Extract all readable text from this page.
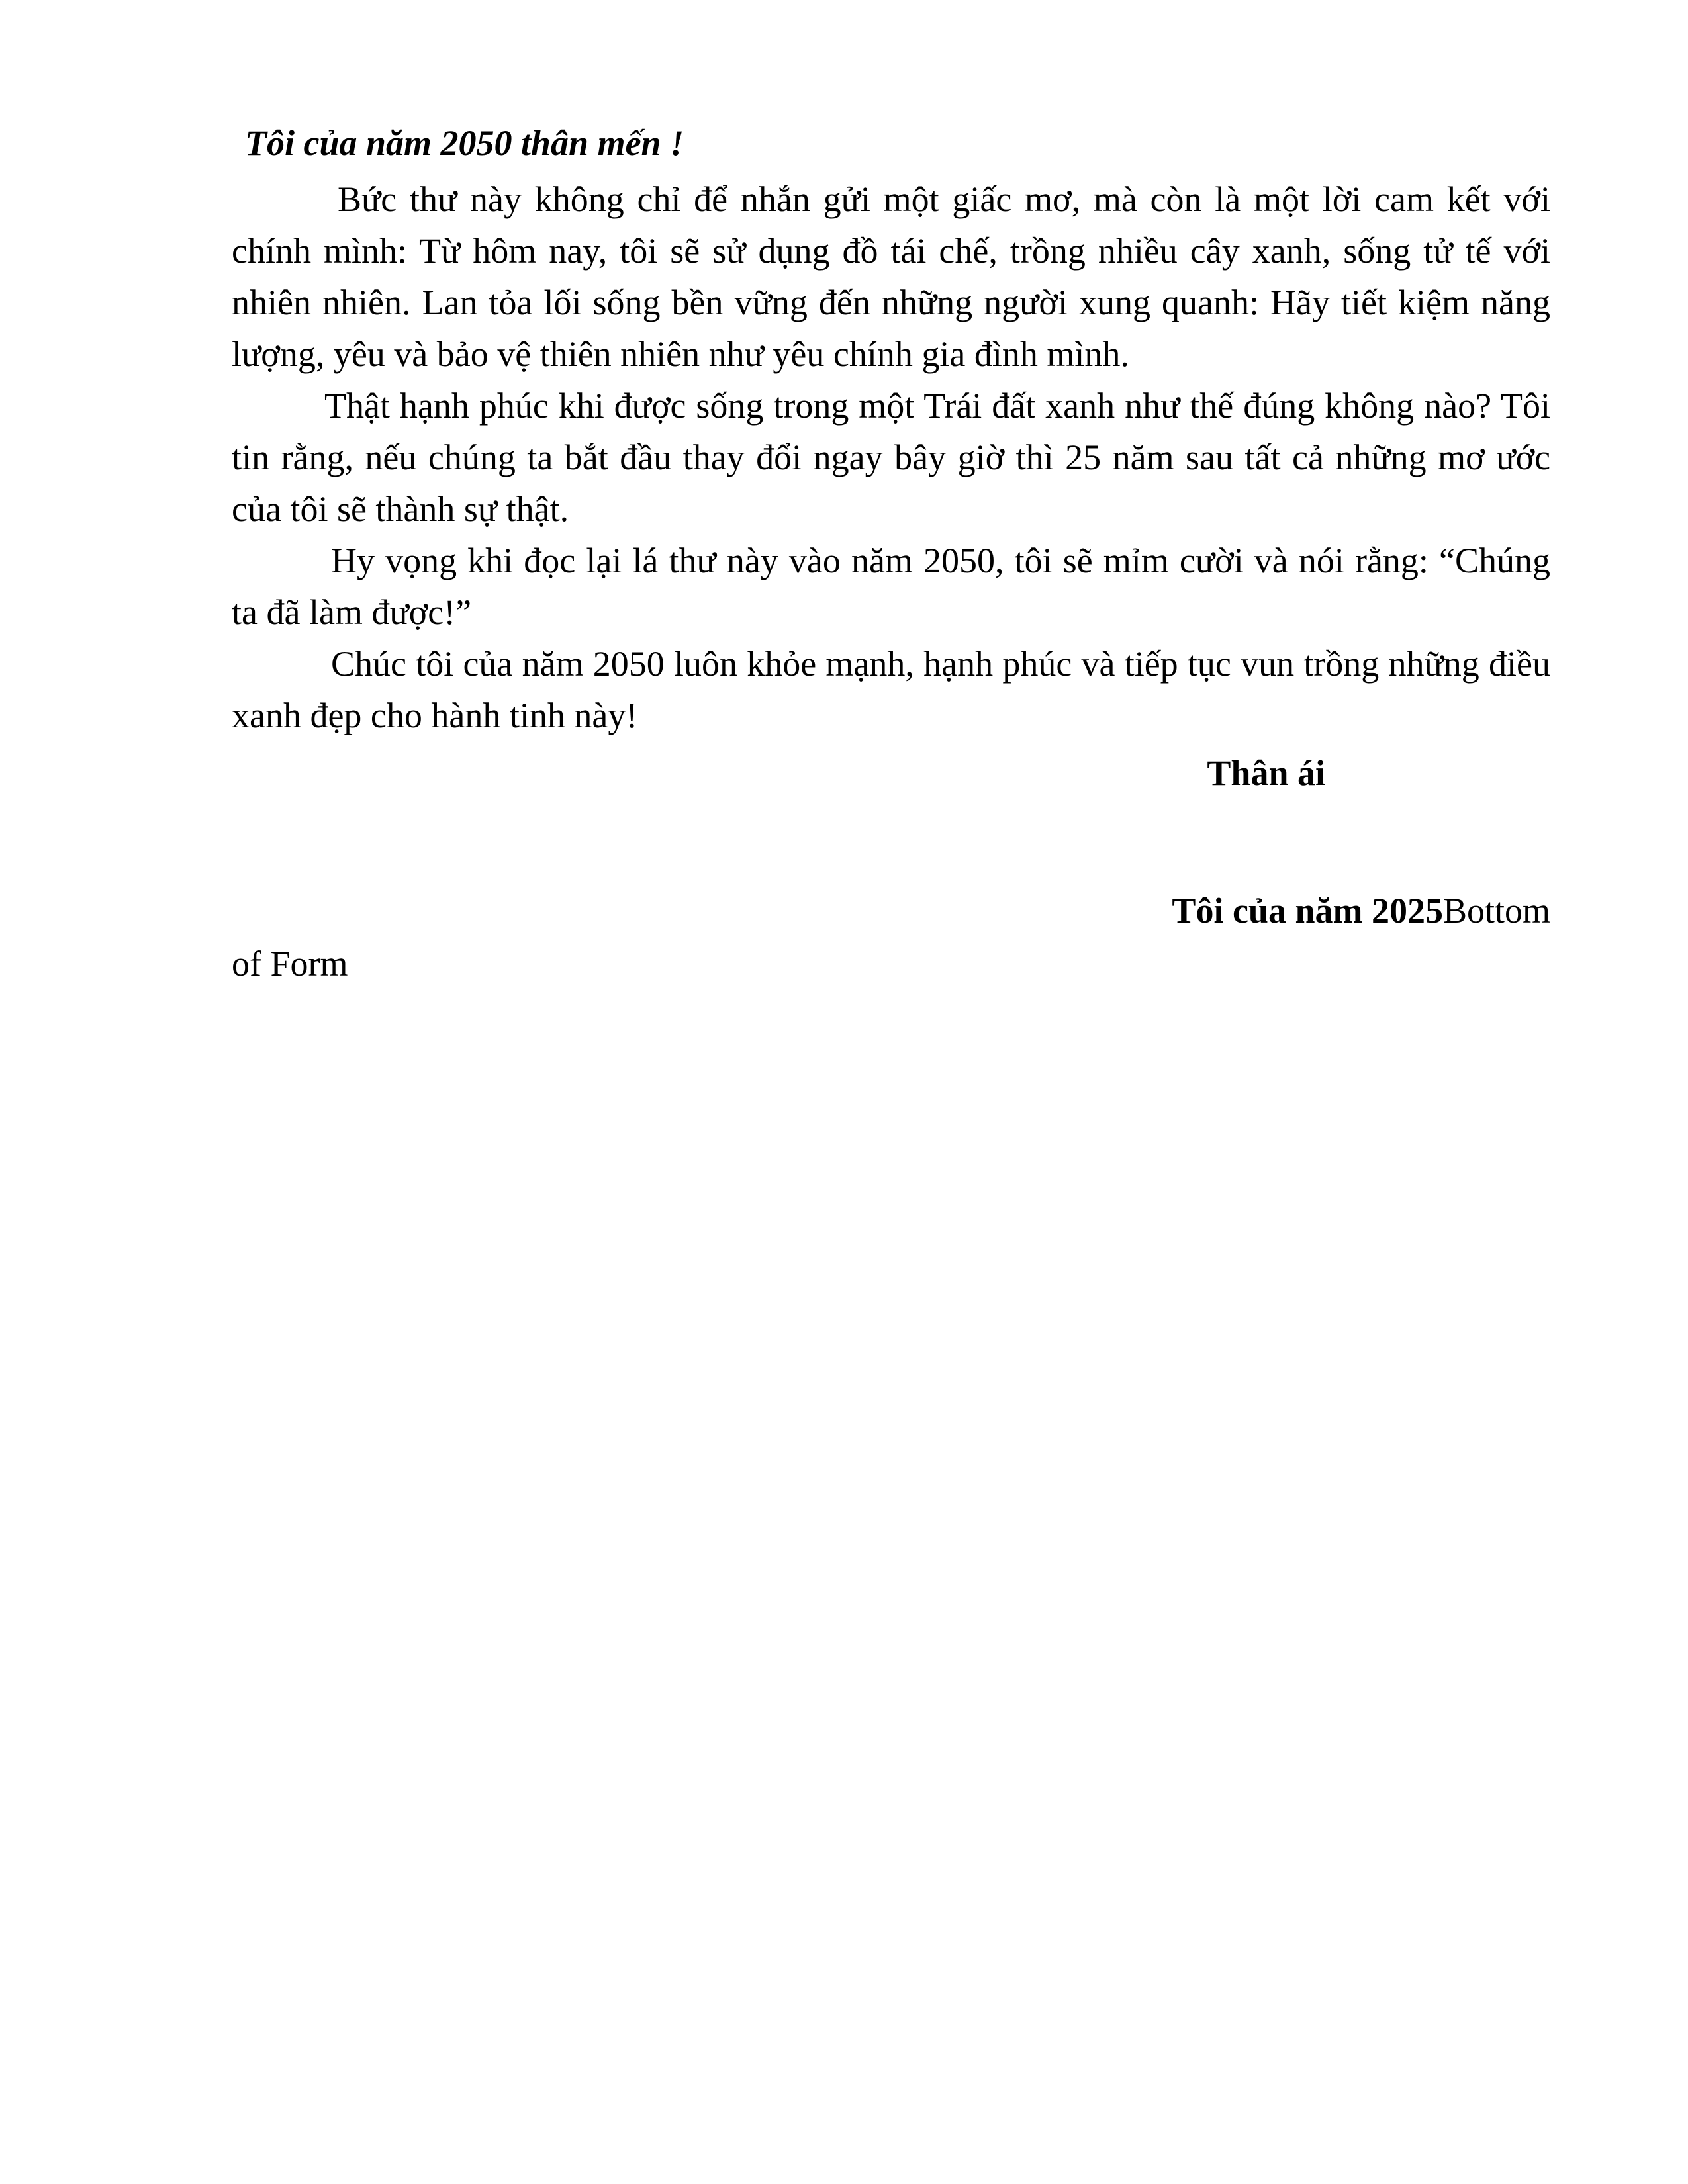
Tôi của năm 2050 thân mến !

Bức thư này không chỉ để nhắn gửi một giấc mơ, mà còn là một lời cam kết với chính mình: Từ hôm nay, tôi sẽ sử dụng đồ tái chế, trồng nhiều cây xanh, sống tử tế với nhiên nhiên. Lan tỏa lối sống bền vững đến những người xung quanh: Hãy tiết kiệm năng lượng, yêu và bảo vệ thiên nhiên như yêu chính gia đình mình.

Thật hạnh phúc khi được sống trong một Trái đất xanh như thế đúng không nào? Tôi tin rằng, nếu chúng ta bắt đầu thay đổi ngay bây giờ thì 25 năm sau tất cả những mơ ước của tôi sẽ thành sự thật.

Hy vọng khi đọc lại lá thư này vào năm 2050, tôi sẽ mỉm cười và nói rằng: “Chúng ta đã làm được!”

Chúc tôi của năm 2050 luôn khỏe mạnh, hạnh phúc và tiếp tục vun trồng những điều xanh đẹp cho hành tinh này!

Thân ái

Tôi của năm 2025Bottom

of Form
